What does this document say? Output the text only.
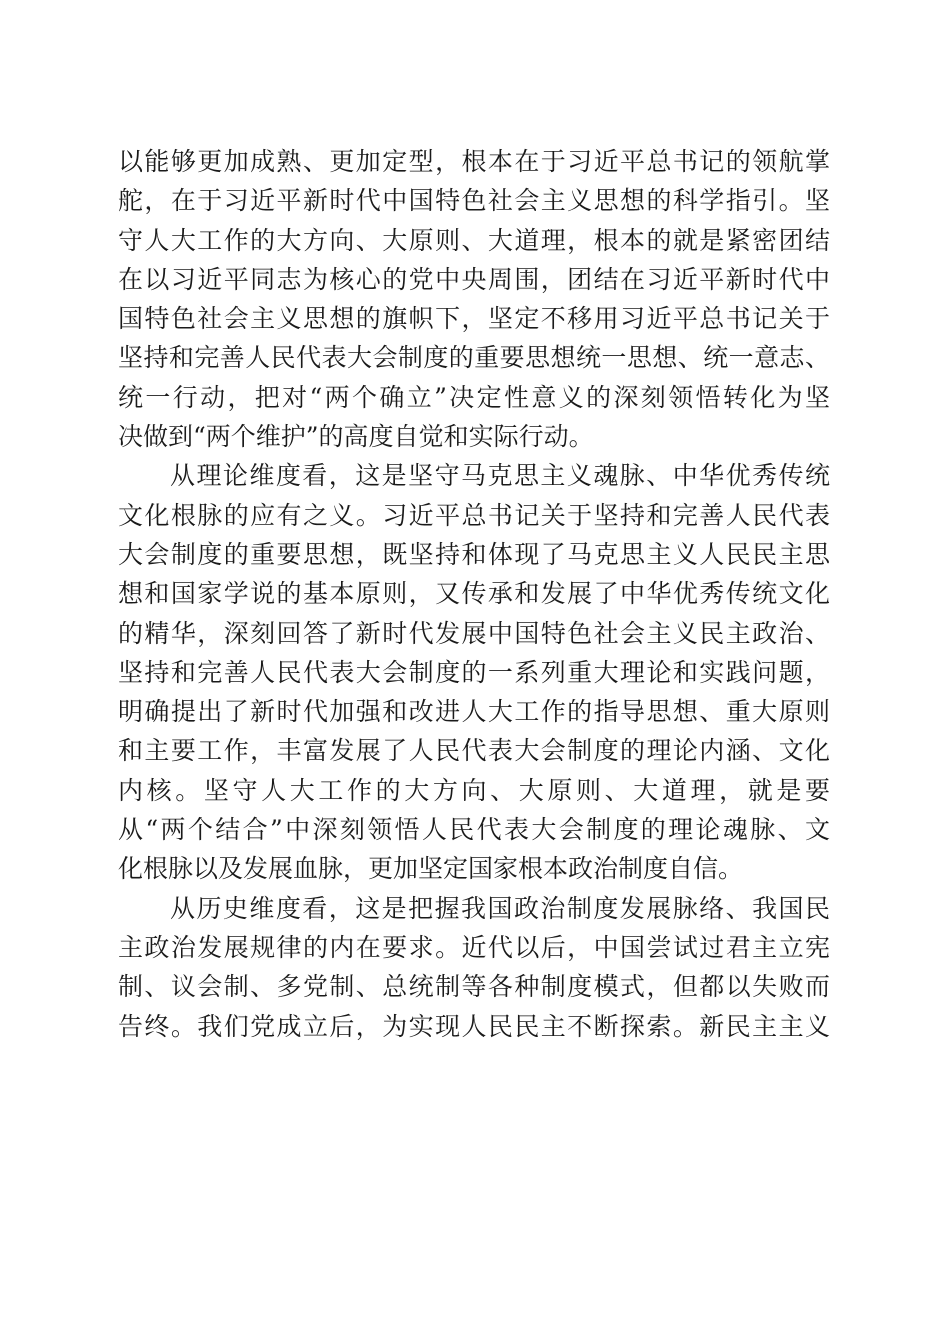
以能够更加成熟、更加定型，根本在于习近平总书记的领航掌
舵，在于习近平新时代中国特色社会主义思想的科学指引。坚
守人大工作的大方向、大原则、大道理，根本的就是紧密团结
在以习近平同志为核心的党中央周围，团结在习近平新时代中
国特色社会主义思想的旗帜下，坚定不移用习近平总书记关于
坚持和完善人民代表大会制度的重要思想统一思想、统一意志、
统一行动，把对“两个确立”决定性意义的深刻领悟转化为坚
决做到“两个维护”的高度自觉和实际行动。
从理论维度看，这是坚守马克思主义魂脉、中华优秀传统
文化根脉的应有之义。习近平总书记关于坚持和完善人民代表
大会制度的重要思想，既坚持和体现了马克思主义人民民主思
想和国家学说的基本原则，又传承和发展了中华优秀传统文化
的精华，深刻回答了新时代发展中国特色社会主义民主政治、
坚持和完善人民代表大会制度的一系列重大理论和实践问题，
明确提出了新时代加强和改进人大工作的指导思想、重大原则
和主要工作，丰富发展了人民代表大会制度的理论内涵、文化
内核。坚守人大工作的大方向、大原则、大道理，就是要
从“两个结合”中深刻领悟人民代表大会制度的理论魂脉、文
化根脉以及发展血脉，更加坚定国家根本政治制度自信。
从历史维度看，这是把握我国政治制度发展脉络、我国民
主政治发展规律的内在要求。近代以后，中国尝试过君主立宪
制、议会制、多党制、总统制等各种制度模式，但都以失败而
告终。我们党成立后，为实现人民民主不断探索。新民主主义
